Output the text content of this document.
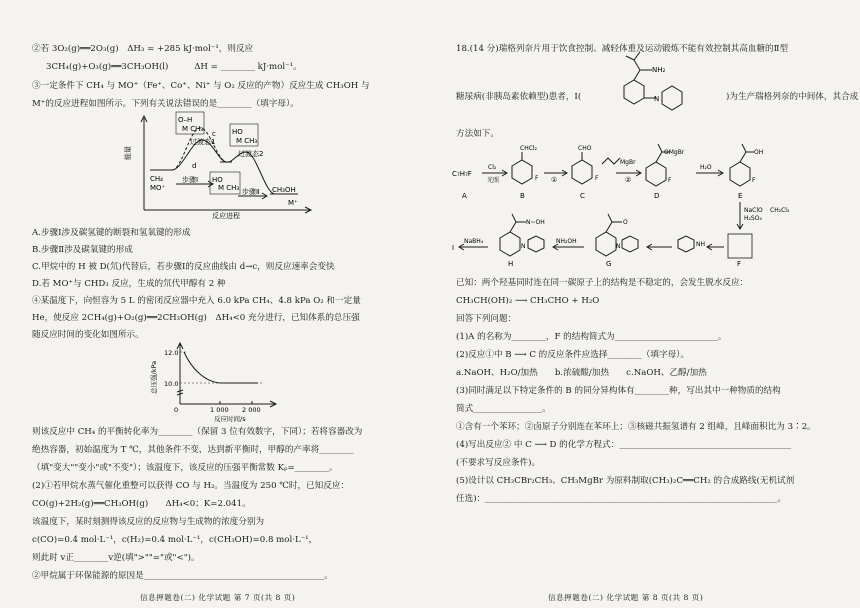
②若 3O₂(g)══2O₃(g)　ΔH₃ = +285 kJ·mol⁻¹，则反应
3CH₄(g)+O₃(g)══3CH₃OH(l)　　　ΔH = ________ kJ·mol⁻¹。
③一定条件下 CH₄ 与 MO⁺（Fe⁺、Co⁺、Ni⁺ 与 O₂ 反应的产物）反应生成 CH₃OH 与
M⁺的反应进程如图所示。下列有关说法错误的是________（填字母）。
O–H
M CH₃	HO
M CH₃
HO
M CH₃
过渡态1
过渡态2
c
d
能量
反应进程
CH₄
MO⁺
步骤Ⅰ
步骤Ⅱ CH₃OH
M⁺
A.步骤Ⅰ涉及碳氢键的断裂和氢氧键的形成
B.步骤Ⅱ涉及碳氧键的形成
C.甲烷中的 H 被 D(氘)代替后，若步骤Ⅰ的反应曲线由 d→c，则反应速率会变快
D.若 MO⁺与 CHD₃ 反应，生成的氘代甲醇有 2 种
④某温度下，向恒容为 5 L 的密闭反应器中充入 6.0 kPa CH₄、4.8 kPa O₂ 和一定量
He，使反应 2CH₄(g)+O₂(g)══2CH₃OH(g)　ΔH₄<0 充分进行，已知体系的总压强
随反应时间的变化如图所示。
12.0
10.0
0	1 000 2 000
总压强/kPa
反应时间/s
则该反应中 CH₄ 的平衡转化率为________（保留 3 位有效数字，下同）；若将容器改为
绝热容器，初始温度为 T ℃，其他条件不变，达到新平衡时，甲醇的产率将________
（填"变大""变小"或"不变"）；该温度下，该反应的压强平衡常数 Kₚ=________。
(2)①若甲烷水蒸气催化重整可以获得 CO 与 H₂。当温度为 250 ℃时，已知反应：
CO(g)+2H₂(g)══CH₃OH(g)　　ΔH₄<0；K=2.041。
该温度下，某时刻测得该反应的反应物与生成物的浓度分别为
c(CO)=0.4 mol·L⁻¹，c(H₂)=0.4 mol·L⁻¹，c(CH₃OH)=0.8 mol·L⁻¹，
则此时 v正________v逆(填">""="或"<")。
②甲烷属于环保能源的原因是__________________________________________。
信息押题卷(二) 化学试题 第 7 页(共 8 页)
18.(14 分)瑞格列奈片用于饮食控制、减轻体重及运动锻炼不能有效控制其高血糖的Ⅱ型
糖尿病(非胰岛素依赖型)患者，Ⅰ(
NH₂
N	)为生产瑞格列奈的中间体，其合成
方法如下。
C₇H₇F
Cl₂
光照
CHCl₂
F ①
CHO
F
MgBr
②
OMgBr
F
H₂O
OH
F
A	B	C	D	E
NaClO
H₂SO₄
CH₂Cl₂
I
NaBH₄
N~OH
N
NH₂OH
O
N	NH
H	G	F
已知：两个羟基同时连在同一碳原子上的结构是不稳定的，会发生脱水反应：
CH₃CH(OH)₂ ⟶ CH₃CHO + H₂O
回答下列问题：
(1)A 的名称为________，F 的结构简式为________________________。
(2)反应①中 B ⟶ C 的反应条件应选择________（填字母）。
a.NaOH、H₂O/加热　　b.浓硫酸/加热　　c.NaOH、乙醇/加热
(3)同时满足以下特定条件的 B 的同分异构体有________种，写出其中一种物质的结构
简式________________。
①含有一个苯环；②卤原子分别连在苯环上；③核磁共振氢谱有 2 组峰，且峰面积比为 3∶2。
(4)写出反应② 中 C ⟶ D 的化学方程式：________________________________________
(不要求写反应条件)。
(5)设计以 CH₃CBr₂CH₃、CH₃MgBr 为原料制取(CH₃)₂C══CH₂ 的合成路线(无机试剂
任选)：____________________________________________________________________。
信息押题卷(二) 化学试题 第 8 页(共 8 页)
